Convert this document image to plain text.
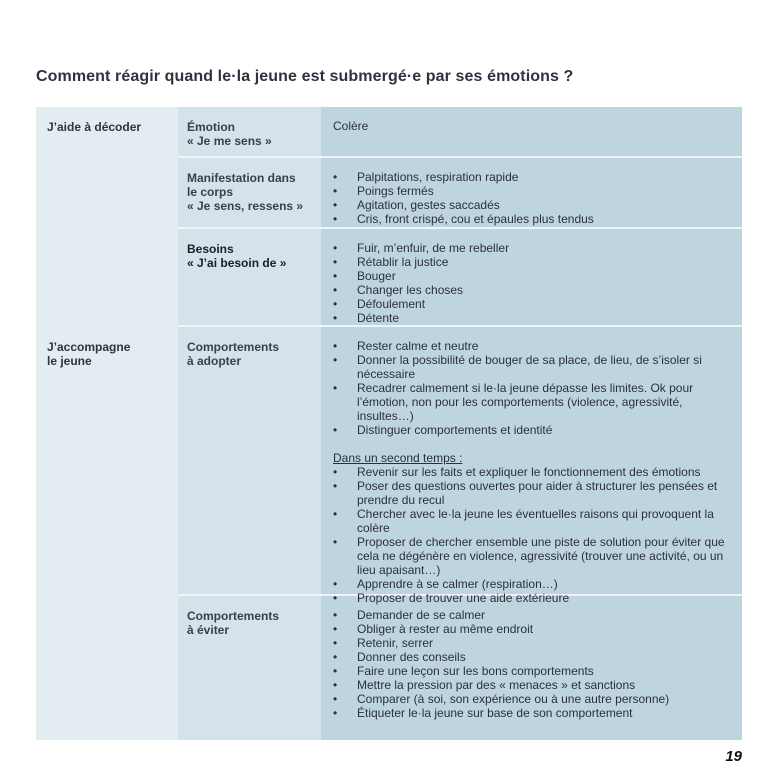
Comment réagir quand le·la jeune est submergé·e par ses émotions ?
J’aide à décoder	Émotion
« Je me sens »
Colère
Manifestation dans
le corps
« Je sens, ressens »
• Palpitations, respiration rapide
• Poings fermés
• Agitation, gestes saccadés
• Cris, front crispé, cou et épaules plus tendus
Besoins
« J’ai besoin de »
• Fuir, m’enfuir, de me rebeller
• Rétablir la justice
• Bouger
• Changer les choses
• Défoulement
• Détente
J’accompagne
le jeune
Comportements
à adopter
• Rester calme et neutre
• Donner la possibilité de bouger de sa place, de lieu, de s’isoler si nécessaire
• Recadrer calmement si le·la jeune dépasse les limites. Ok pour l’émotion, non pour les comportements (violence, agressivité, insultes…)
• Distinguer comportements et identité
Dans un second temps :
• Revenir sur les faits et expliquer le fonctionnement des émotions
• Poser des questions ouvertes pour aider à structurer les pensées et prendre du recul
• Chercher avec le·la jeune les éventuelles raisons qui provoquent la colère
• Proposer de chercher ensemble une piste de solution pour éviter que cela ne dégénère en violence, agressivité (trouver une activité, ou un lieu apaisant…)
• Apprendre à se calmer (respiration…)
• Proposer de trouver une aide extérieure
Comportements
à éviter
• Demander de se calmer
• Obliger à rester au même endroit
• Retenir, serrer
• Donner des conseils
• Faire une leçon sur les bons comportements
• Mettre la pression par des « menaces » et sanctions
• Comparer (à soi, son expérience ou à une autre personne)
• Étiqueter le·la jeune sur base de son comportement
19
